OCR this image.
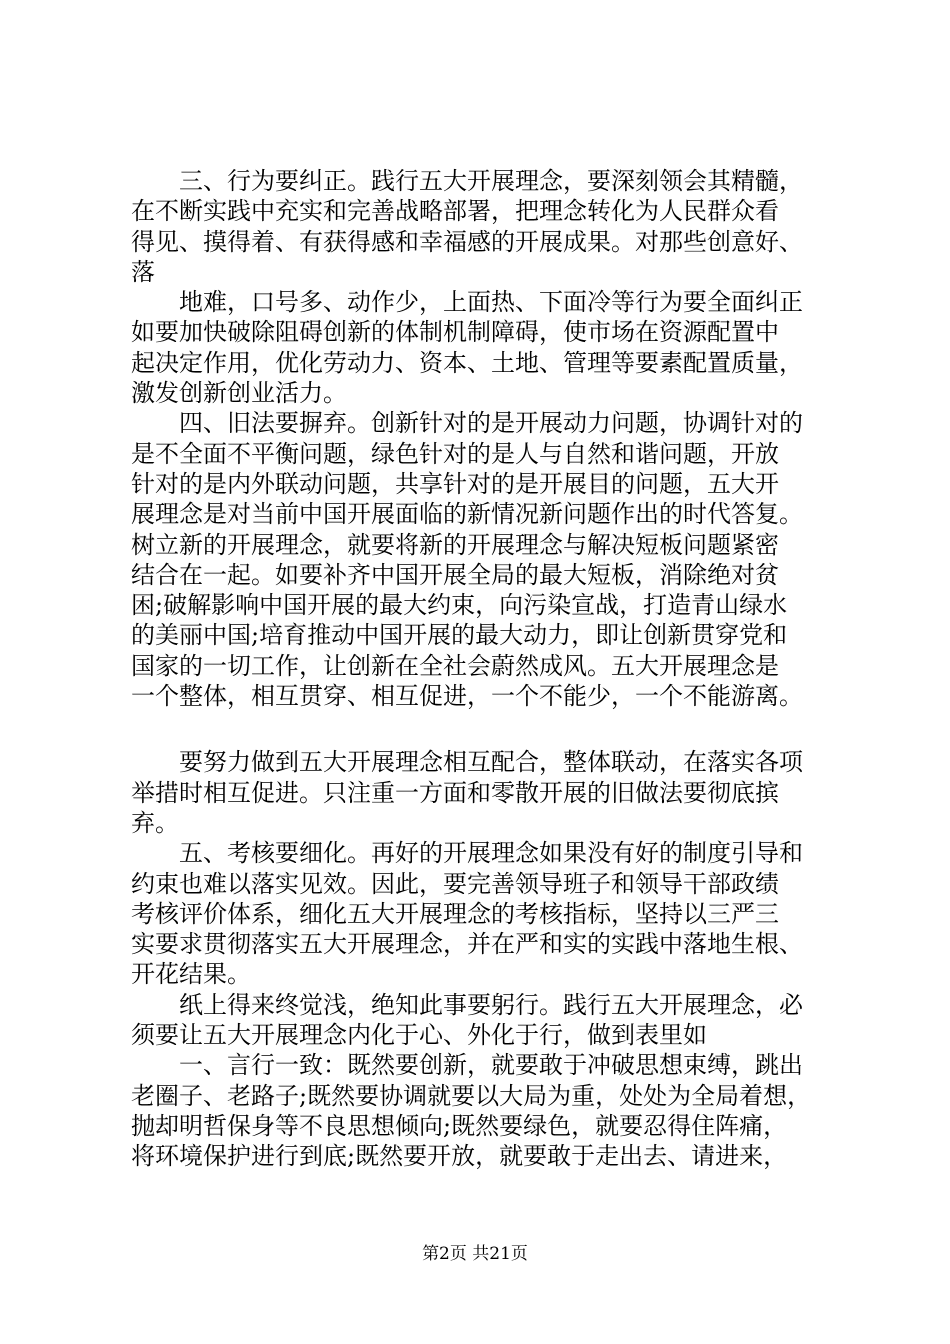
三、行为要纠正。践行五大开展理念，要深刻领会其精髓，
在不断实践中充实和完善战略部署，把理念转化为人民群众看
得见、摸得着、有获得感和幸福感的开展成果。对那些创意好、
落
地难，口号多、动作少，上面热、下面冷等行为要全面纠正
如要加快破除阻碍创新的体制机制障碍，使市场在资源配置中
起决定作用，优化劳动力、资本、土地、管理等要素配置质量，
激发创新创业活力。
四、旧法要摒弃。创新针对的是开展动力问题，协调针对的
是不全面不平衡问题，绿色针对的是人与自然和谐问题，开放
针对的是内外联动问题，共享针对的是开展目的问题，五大开
展理念是对当前中国开展面临的新情况新问题作出的时代答复。
树立新的开展理念，就要将新的开展理念与解决短板问题紧密
结合在一起。如要补齐中国开展全局的最大短板，消除绝对贫
困;破解影响中国开展的最大约束，向污染宣战，打造青山绿水
的美丽中国;培育推动中国开展的最大动力，即让创新贯穿党和
国家的一切工作，让创新在全社会蔚然成风。五大开展理念是
一个整体，相互贯穿、相互促进，一个不能少，一个不能游离。
要努力做到五大开展理念相互配合，整体联动，在落实各项
举措时相互促进。只注重一方面和零散开展的旧做法要彻底摈
弃。
五、考核要细化。再好的开展理念如果没有好的制度引导和
约束也难以落实见效。因此，要完善领导班子和领导干部政绩
考核评价体系，细化五大开展理念的考核指标，坚持以三严三
实要求贯彻落实五大开展理念，并在严和实的实践中落地生根、
开花结果。
纸上得来终觉浅，绝知此事要躬行。践行五大开展理念，必
须要让五大开展理念内化于心、外化于行，做到表里如
一、言行一致：既然要创新，就要敢于冲破思想束缚，跳出
老圈子、老路子;既然要协调就要以大局为重，处处为全局着想，
抛却明哲保身等不良思想倾向;既然要绿色，就要忍得住阵痛，
将环境保护进行到底;既然要开放，就要敢于走出去、请进来，
第2页 共21页
